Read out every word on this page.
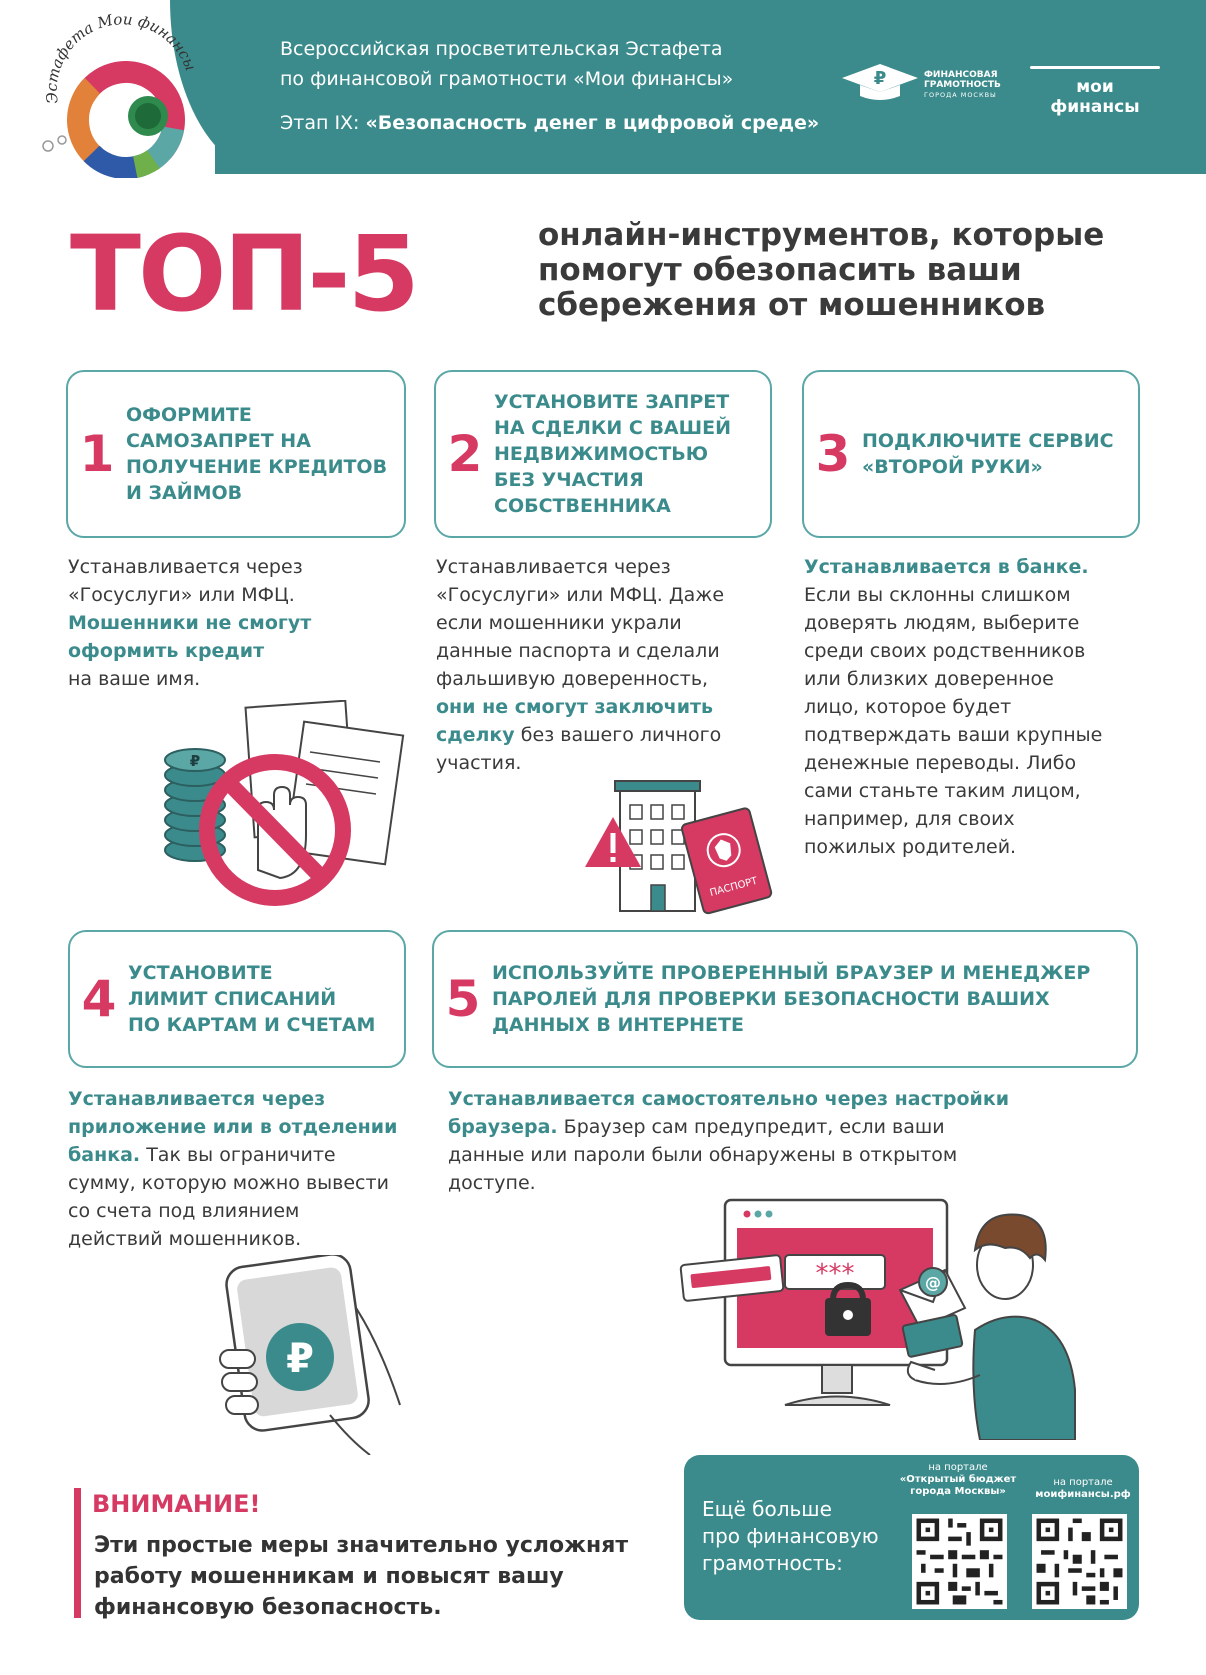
Эстафета Мои финансы
Всероссийская просветительская Эстафета
по финансовой грамотности «Мои финансы»
Этап IX: «Безопасность денег в цифровой среде»
₽	ФИНАНСОВАЯ
ГРАМОТНОСТЬ
ГОРОДА МОСКВЫ	мои финансы
ТОП-5	онлайн-инструментов, которые
помогут обезопасить ваши
сбережения от мошенников
1
ОФОРМИТЕ
САМОЗАПРЕТ НА
ПОЛУЧЕНИЕ КРЕДИТОВ
И ЗАЙМОВ
Устанавливается через
«Госуслуги» или МФЦ.
Мошенники не смогут
оформить кредит
на ваше имя.
₽
2
УСТАНОВИТЕ ЗАПРЕТ
НА СДЕЛКИ С ВАШЕЙ
НЕДВИЖИМОСТЬЮ
БЕЗ УЧАСТИЯ
СОБСТВЕННИКА
Устанавливается через
«Госуслуги» или МФЦ. Даже
если мошенники украли
данные паспорта и сделали
фальшивую доверенность,
они не смогут заключить
сделку без вашего личного
участия.
ПАСПОРТ
3 ПОДКЛЮЧИТЕ СЕРВИС
«ВТОРОЙ РУКИ»
Устанавливается в банке.
Если вы склонны слишком
доверять людям, выберите
среди своих родственников
или близких доверенное
лицо, которое будет
подтверждать ваши крупные
денежные переводы. Либо
сами станьте таким лицом,
например, для своих
пожилых родителей.
4 УСТАНОВИТЕ
ЛИМИТ СПИСАНИЙ
ПО КАРТАМ И СЧЕТАМ
Устанавливается через
приложение или в отделении
банка. Так вы ограничите
сумму, которую можно вывести
со счета под влиянием
действий мошенников.
₽
5 ИСПОЛЬЗУЙТЕ ПРОВЕРЕННЫЙ БРАУЗЕР И МЕНЕДЖЕР
ПАРОЛЕЙ ДЛЯ ПРОВЕРКИ БЕЗОПАСНОСТИ ВАШИХ
ДАННЫХ В ИНТЕРНЕТЕ
Устанавливается самостоятельно через настройки
браузера. Браузер сам предупредит, если ваши
данные или пароли были обнаружены в открытом
доступе.
***	@
ВНИМАНИЕ!
Эти простые меры значительно усложнят
работу мошенникам и повысят вашу
финансовую безопасность.
Ещё больше
про финансовую
грамотность:
на портале
«Открытый бюджет
города Москвы»
на портале
моифинансы.рф
